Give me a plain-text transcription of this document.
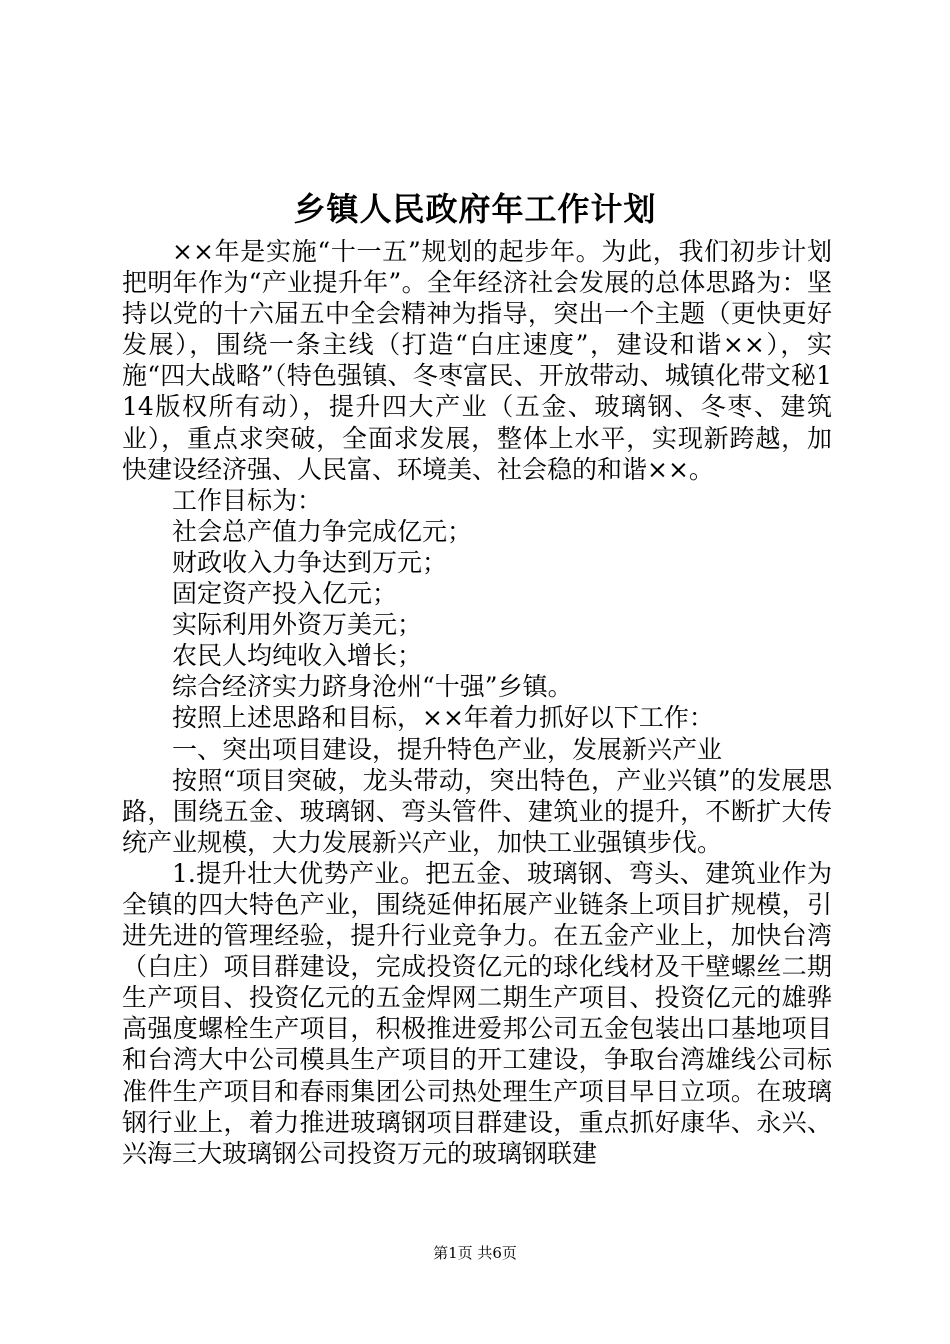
乡镇人民政府年工作计划

××年是实施“十一五”规划的起步年。为此，我们初步计划把明年作为“产业提升年”。全年经济社会发展的总体思路为：坚持以党的十六届五中全会精神为指导，突出一个主题（更快更好发展），围绕一条主线（打造“白庄速度”，建设和谐××），实施“四大战略”（特色强镇、冬枣富民、开放带动、城镇化带文秘114版权所有动），提升四大产业（五金、玻璃钢、冬枣、建筑业），重点求突破，全面求发展，整体上水平，实现新跨越，加快建设经济强、人民富、环境美、社会稳的和谐××。

工作目标为：

社会总产值力争完成亿元；

财政收入力争达到万元；

固定资产投入亿元；

实际利用外资万美元；

农民人均纯收入增长；

综合经济实力跻身沧州“十强”乡镇。

按照上述思路和目标，××年着力抓好以下工作：

一、突出项目建设，提升特色产业，发展新兴产业

按照“项目突破，龙头带动，突出特色，产业兴镇”的发展思路，围绕五金、玻璃钢、弯头管件、建筑业的提升，不断扩大传统产业规模，大力发展新兴产业，加快工业强镇步伐。

1.提升壮大优势产业。把五金、玻璃钢、弯头、建筑业作为全镇的四大特色产业，围绕延伸拓展产业链条上项目扩规模，引进先进的管理经验，提升行业竞争力。在五金产业上，加快台湾（白庄）项目群建设，完成投资亿元的球化线材及干壁螺丝二期生产项目、投资亿元的五金焊网二期生产项目、投资亿元的雄骅高强度螺栓生产项目，积极推进爱邦公司五金包装出口基地项目和台湾大中公司模具生产项目的开工建设，争取台湾雄线公司标准件生产项目和春雨集团公司热处理生产项目早日立项。在玻璃钢行业上，着力推进玻璃钢项目群建设，重点抓好康华、永兴、兴海三大玻璃钢公司投资万元的玻璃钢联建

第1页 共6页
